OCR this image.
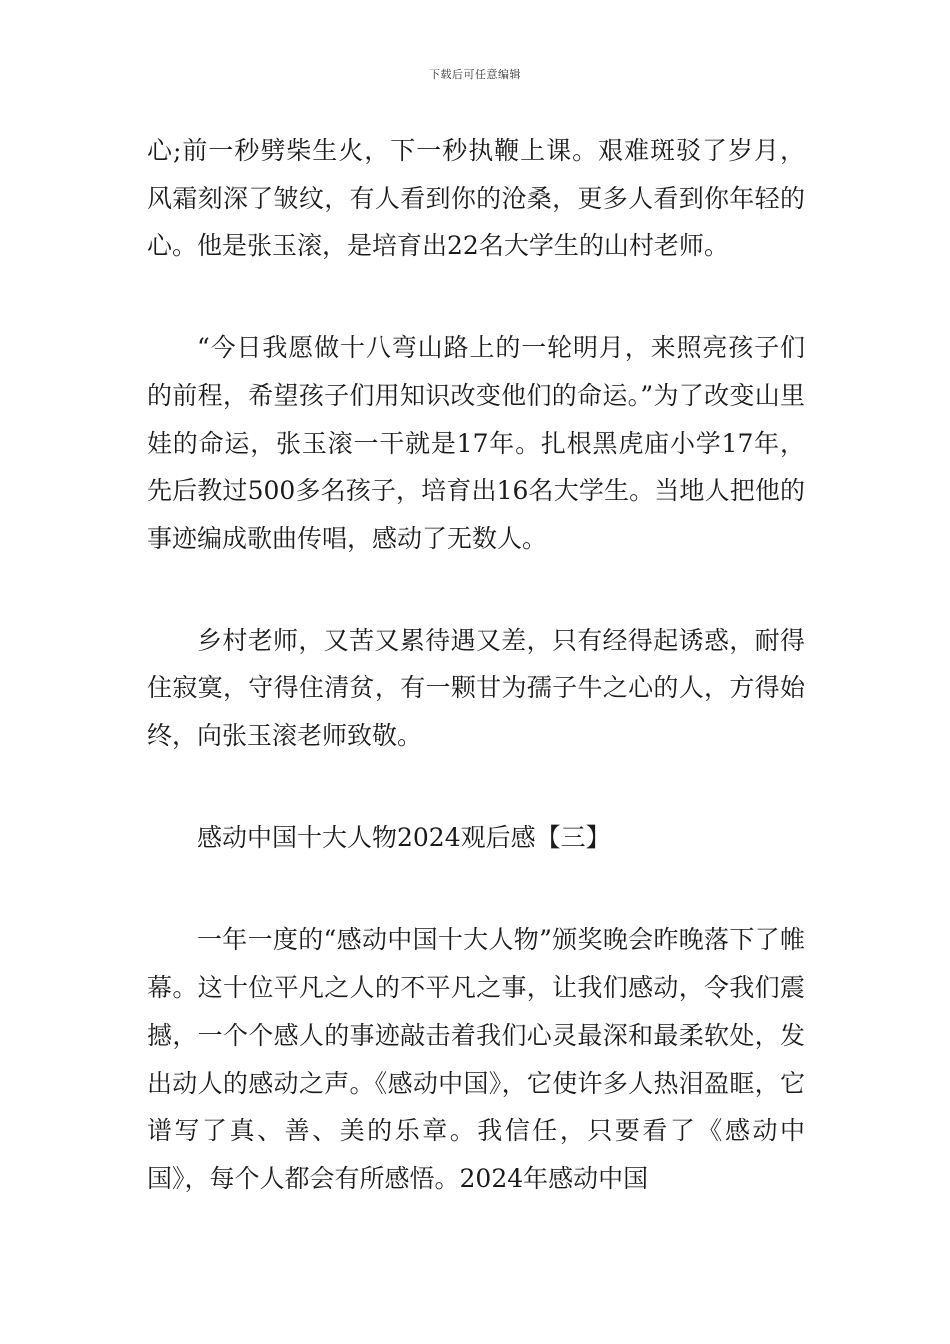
下载后可任意编辑

心;前一秒劈柴生火，下一秒执鞭上课。艰难斑驳了岁月，风霜刻深了皱纹，有人看到你的沧桑，更多人看到你年轻的心。他是张玉滚，是培育出22名大学生的山村老师。

“今日我愿做十八弯山路上的一轮明月，来照亮孩子们的前程，希望孩子们用知识改变他们的命运。”为了改变山里娃的命运，张玉滚一干就是17年。扎根黑虎庙小学17年，先后教过500多名孩子，培育出16名大学生。当地人把他的事迹编成歌曲传唱，感动了无数人。

乡村老师，又苦又累待遇又差，只有经得起诱惑，耐得住寂寞，守得住清贫，有一颗甘为孺子牛之心的人，方得始终，向张玉滚老师致敬。

感动中国十大人物2024观后感【三】

一年一度的“感动中国十大人物”颁奖晚会昨晚落下了帷幕。这十位平凡之人的不平凡之事，让我们感动，令我们震撼，一个个感人的事迹敲击着我们心灵最深和最柔软处，发出动人的感动之声。《感动中国》，它使许多人热泪盈眶，它谱写了真、善、美的乐章。我信任，只要看了《感动中国》，每个人都会有所感悟。2024年感动中国
